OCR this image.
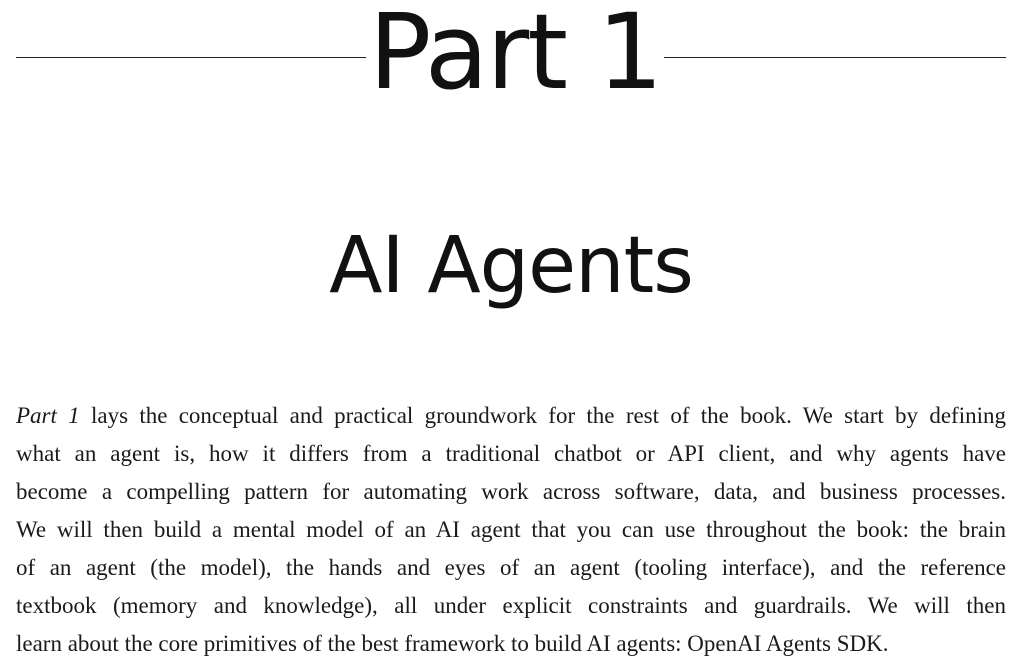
Part 1
AI Agents
Part 1 lays the conceptual and practical groundwork for the rest of the book. We start by defining
what an agent is, how it differs from a traditional chatbot or API client, and why agents have
become a compelling pattern for automating work across software, data, and business processes.
We will then build a mental model of an AI agent that you can use throughout the book: the brain
of an agent (the model), the hands and eyes of an agent (tooling interface), and the reference
textbook (memory and knowledge), all under explicit constraints and guardrails. We will then
learn about the core primitives of the best framework to build AI agents: OpenAI Agents SDK.
